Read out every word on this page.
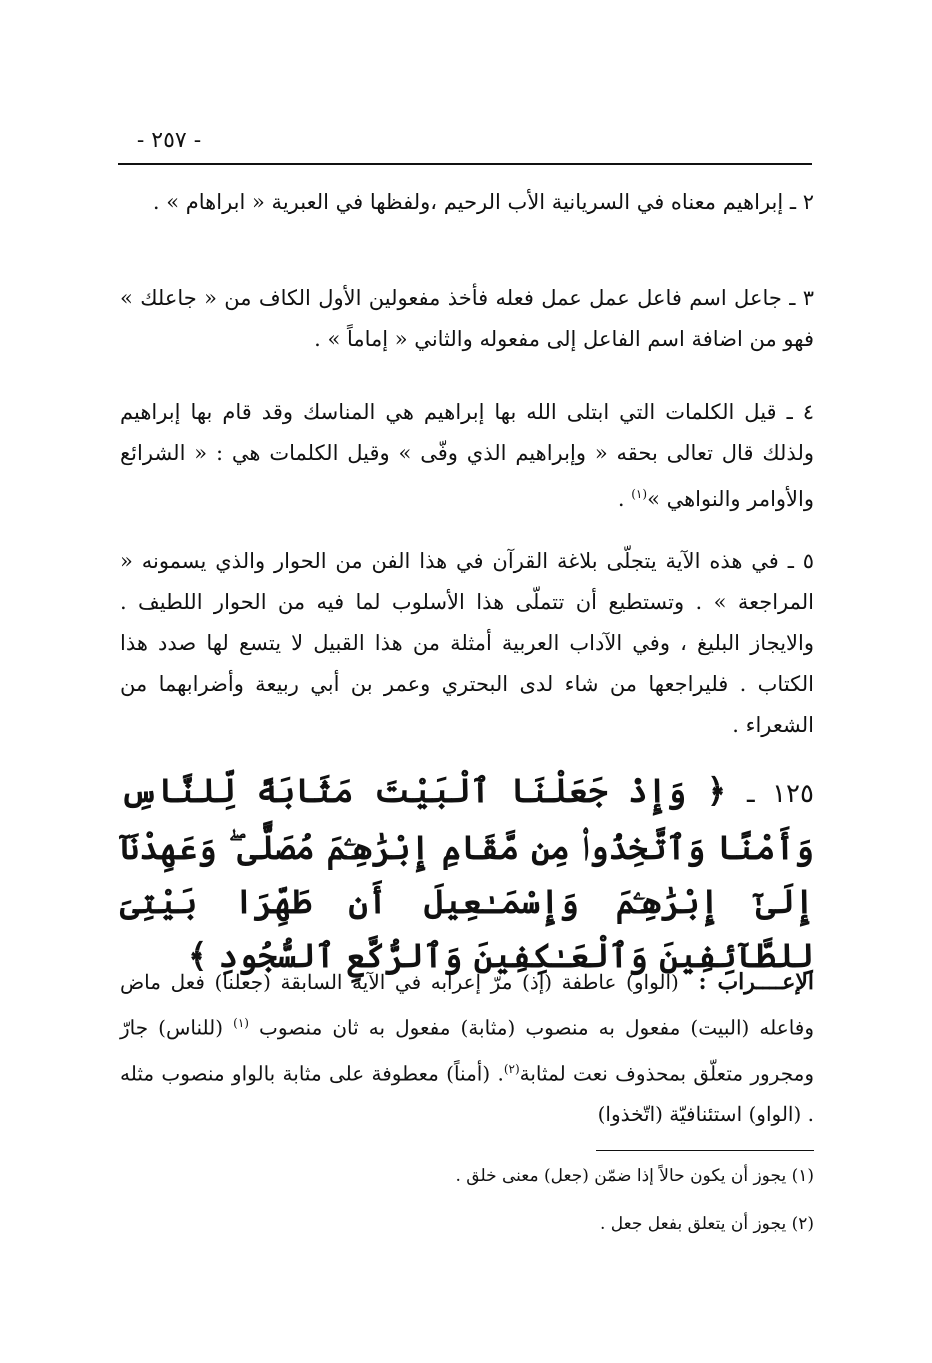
- ٢٥٧ -

٢ ـ إبراهيم معناه في السريانية الأب الرحيم ،ولفظها في العبرية « ابراهام » .

٣ ـ جاعل اسم فاعل عمل عمل فعله فأخذ مفعولين الأول الكاف من « جاعلك » فهو من اضافة اسم الفاعل إلى مفعوله والثاني « إماماً » .

٤ ـ قيل الكلمات التي ابتلى الله بها إبراهيم هي المناسك وقد قام بها إبراهيم ولذلك قال تعالى بحقه « وإبراهيم الذي وفّى » وقيل الكلمات هي : « الشرائع والأوامر والنواهي »$^{(١)}$ .

٥ ـ في هذه الآية يتجلّى بلاغة القرآن في هذا الفن من الحوار والذي يسمونه « المراجعة » . وتستطيع أن تتملّى هذا الأسلوب لما فيه من الحوار اللطيف . والايجاز البليغ ، وفي الآداب العربية أمثلة من هذا القبيل لا يتسع لها صدد هذا الكتاب . فليراجعها من شاء لدى البحتري وعمر بن أبي ربيعة وأضرابهما من الشعراء .

١٢٥ ـ ﴿ وَإِذْ جَعَلْنَا ٱلْبَيْتَ مَثَابَةً لِّلنَّاسِ وَأَمْنًا وَٱتَّخِذُوا۟ مِن مَّقَامِ إِبْرَٰهِـۧمَ مُصَلًّى ۖ وَعَهِدْنَآ إِلَىٰٓ إِبْرَٰهِـۧمَ وَإِسْمَـٰعِيلَ أَن طَهِّرَا بَيْتِىَ لِلطَّآئِفِينَ وَٱلْعَـٰكِفِينَ وَٱلرُّكَّعِ ٱلسُّجُودِ ﴾
الإعــــراب : (الواو) عاطفة (إذ) مرّ إعرابه في الآية السابقة (جعلنا) فعل ماض وفاعله (البيت) مفعول به منصوب (مثابة) مفعول به ثان منصوب $^{(١)}$ (للناس) جارّ ومجرور متعلّق بمحذوف نعت لمثابة$^{(٢)}$. (أمناً) معطوفة على مثابة بالواو منصوب مثله . (الواو) استئنافيّة (اتّخذوا)

(١) يجوز أن يكون حالاً إذا ضمّن (جعل) معنى خلق .

(٢) يجوز أن يتعلق بفعل جعل .
